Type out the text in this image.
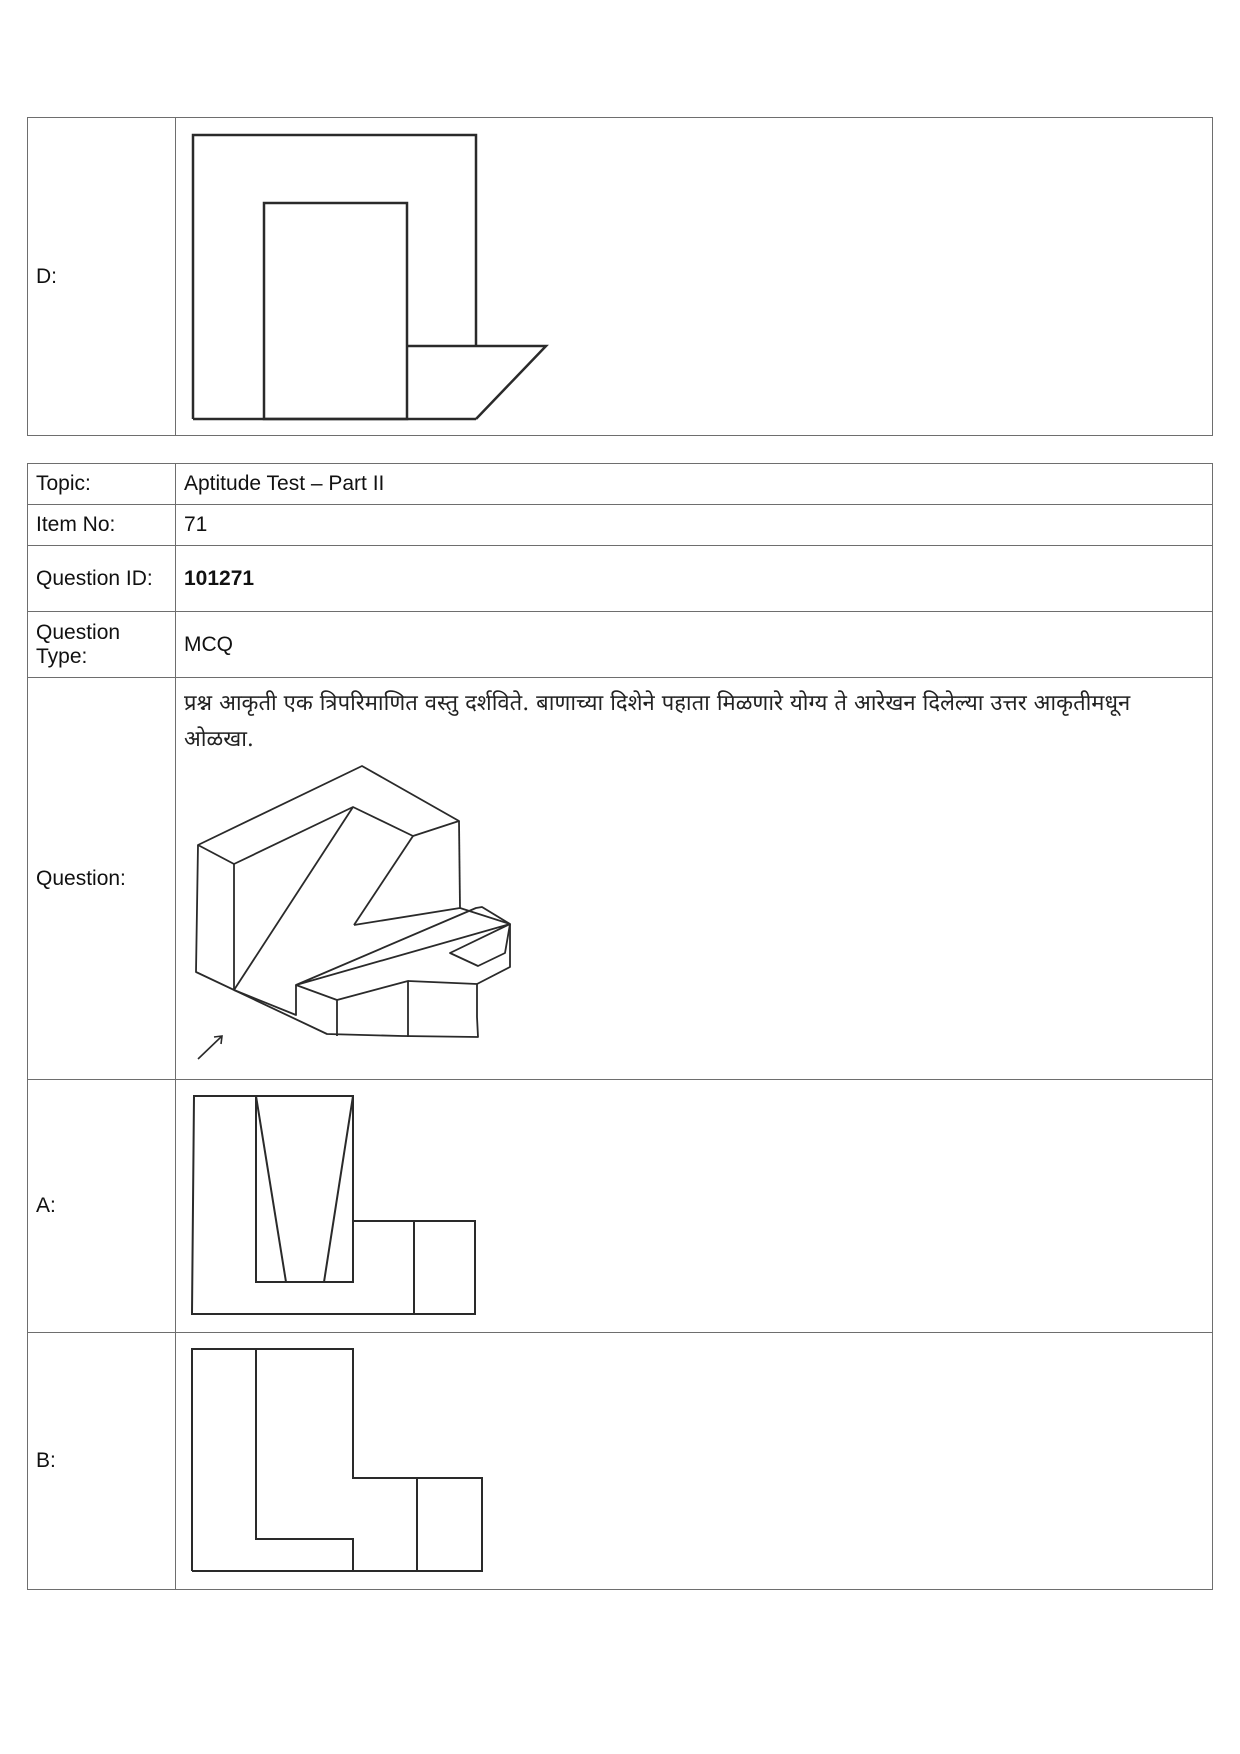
D:	
Topic:	Aptitude Test – Part II
Item No:	71
Question ID:	101271
Question Type:	MCQ
Question:	प्रश्न आकृती एक त्रिपरिमाणित वस्तु दर्शविते. बाणाच्या दिशेने पहाता मिळणारे योग्य ते आरेखन दिलेल्या उत्तर आकृतीमधून ओळखा.

A:	

B:	
